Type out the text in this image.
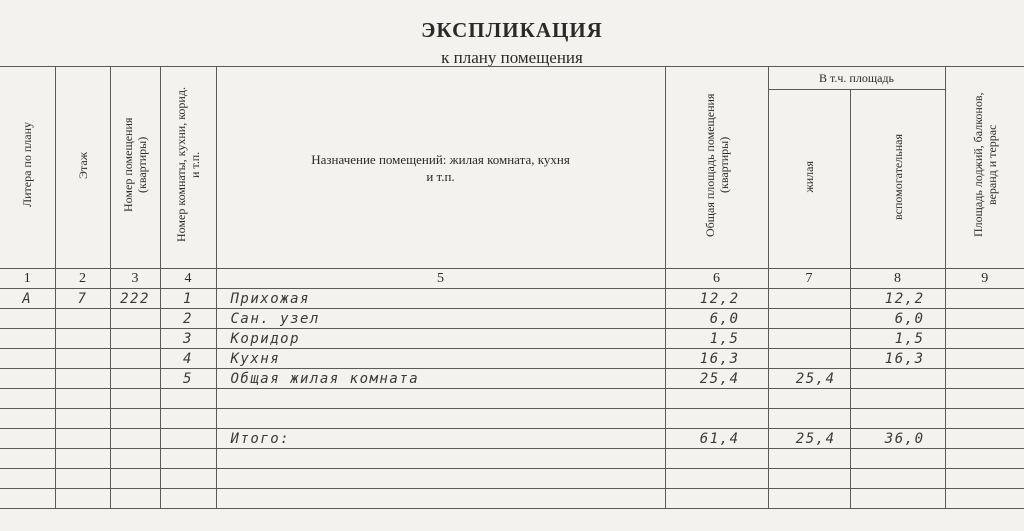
ЭКСПЛИКАЦИЯ
к плану помещения
Литера по плану	Этаж	Номер помещения (квартиры)	Номер комнаты, кухни, корид. и т.п.	Назначение помещений: жилая комната, кухня и т.п.	Общая площадь помещения (квартиры)	В т.ч. площадь		Площадь лоджий, балконов, веранд и террас
						жилая	вспомогательная	
1	2	3	4	5	6	7	8	9
А	7	222	1	Прихожая	12,2		12,2	
			2	Сан. узел	6,0		6,0	
			3	Коридор	1,5		1,5	
			4	Кухня	16,3		16,3	
			5	Общая жилая комната	25,4	25,4		

				Итого:	61,4	25,4	36,0	
